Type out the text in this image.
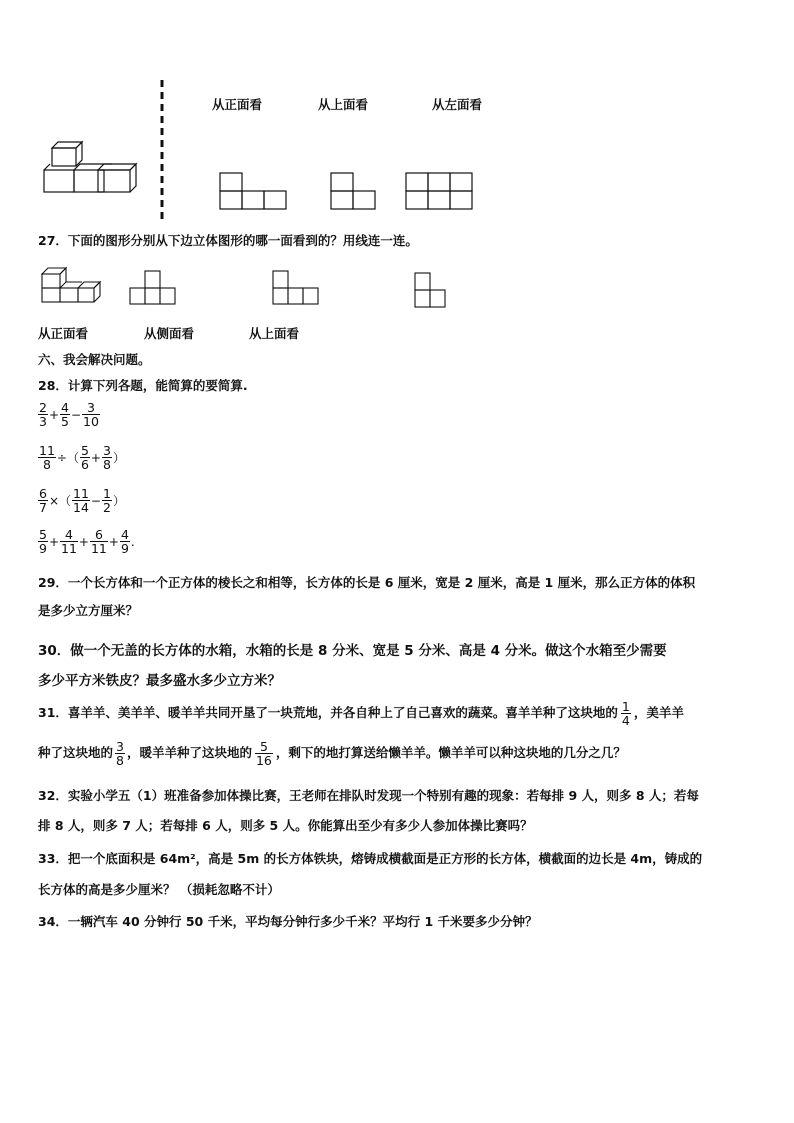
从正面看	从上面看	从左面看
27．下面的图形分别从下边立体图形的哪一面看到的？用线连一连。
从正面看	从侧面看	从上面看
六、我会解决问题。
28．计算下列各题，能简算的要简算.
$\frac{2}{3} + \frac{4}{5} - \frac{3}{10}$
$\frac{11}{8}$ ÷（ $\frac{5}{6} + \frac{3}{8}$ ）
$\frac{6}{7}$ ×（ $\frac{11}{14} - \frac{1}{2}$ ）
$\frac{5}{9} + \frac{4}{11} + \frac{6}{11} + \frac{4}{9}$ .
29．一个长方体和一个正方体的棱长之和相等，长方体的长是 6 厘米，宽是 2 厘米，高是 1 厘米，那么正方体的体积
是多少立方厘米？
30．做一个无盖的长方体的水箱，水箱的长是 8 分米、宽是 5 分米、高是 4 分米。做这个水箱至少需要
多少平方米铁皮？最多盛水多少立方米？
31．喜羊羊、美羊羊、暖羊羊共同开垦了一块荒地，并各自种上了自己喜欢的蔬菜。喜羊羊种了这块地的 $\frac{1}{4}$ ，美羊羊
种了这块地的 $\frac{3}{8}$ ，暖羊羊种了这块地的 $\frac{5}{16}$ ，剩下的地打算送给懒羊羊。懒羊羊可以种这块地的几分之几？
32．实验小学五（1）班准备参加体操比赛，王老师在排队时发现一个特别有趣的现象：若每排 9 人，则多 8 人；若每
排 8 人，则多 7 人；若每排 6 人，则多 5 人。你能算出至少有多少人参加体操比赛吗？
33．把一个底面积是 64m²，高是 5m 的长方体铁块，熔铸成横截面是正方形的长方体，横截面的边长是 4m，铸成的
长方体的高是多少厘米？ （损耗忽略不计）
34．一辆汽车 40 分钟行 50 千米，平均每分钟行多少千米？平均行 1 千米要多少分钟？
